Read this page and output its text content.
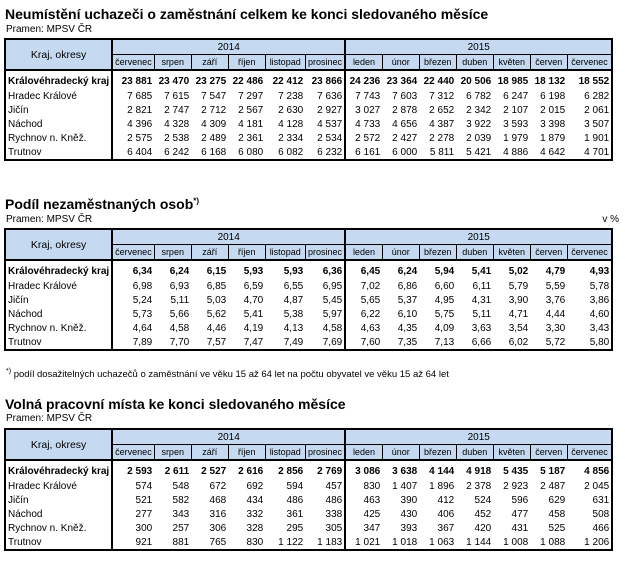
Neumístění uchazeči o zaměstnání celkem ke konci sledovaného měsíce
Pramen: MPSV ČR
Kraj, okresy	2014						2015						
	červenec	srpen	září	říjen	listopad	prosinec	leden	únor	březen	duben	květen	červen	červenec
Královéhradecký kraj	23 881	23 470	23 275	22 486	22 412	23 866	24 236	23 364	22 440	20 506	18 985	18 132	18 552
Hradec Králové	7 685	7 615	7 547	7 297	7 238	7 636	7 743	7 603	7 312	6 782	6 247	6 198	6 282
Jičín	2 821	2 747	2 712	2 567	2 630	2 927	3 027	2 878	2 652	2 342	2 107	2 015	2 061
Náchod	4 396	4 328	4 309	4 181	4 128	4 537	4 733	4 656	4 387	3 922	3 593	3 398	3 507
Rychnov n. Kněž.	2 575	2 538	2 489	2 361	2 334	2 534	2 572	2 427	2 278	2 039	1 979	1 879	1 901
Trutnov	6 404	6 242	6 168	6 080	6 082	6 232	6 161	6 000	5 811	5 421	4 886	4 642	4 701
Podíl nezaměstnaných osob*)
Pramen: MPSV ČR	v %
Kraj, okresy	2014						2015						
	červenec	srpen	září	říjen	listopad	prosinec	leden	únor	březen	duben	květen	červen	červenec
Královéhradecký kraj	6,34	6,24	6,15	5,93	5,93	6,36	6,45	6,24	5,94	5,41	5,02	4,79	4,93
Hradec Králové	6,98	6,93	6,85	6,59	6,55	6,95	7,02	6,86	6,60	6,11	5,79	5,59	5,78
Jičín	5,24	5,11	5,03	4,70	4,87	5,45	5,65	5,37	4,95	4,31	3,90	3,76	3,86
Náchod	5,73	5,66	5,62	5,41	5,38	5,97	6,22	6,10	5,75	5,11	4,71	4,44	4,60
Rychnov n. Kněž.	4,64	4,58	4,46	4,19	4,13	4,58	4,63	4,35	4,09	3,63	3,54	3,30	3,43
Trutnov	7,89	7,70	7,57	7,47	7,49	7,69	7,60	7,35	7,13	6,66	6,02	5,72	5,80
*) podíl dosažitelných uchazečů o zaměstnání ve věku 15 až 64 let na počtu obyvatel ve věku 15 až 64 let
Volná pracovní místa ke konci sledovaného měsíce
Pramen: MPSV ČR
Kraj, okresy	2014						2015						
	červenec	srpen	září	říjen	listopad	prosinec	leden	únor	březen	duben	květen	červen	červenec
Královéhradecký kraj	2 593	2 611	2 527	2 616	2 856	2 769	3 086	3 638	4 144	4 918	5 435	5 187	4 856
Hradec Králové	574	548	672	692	594	457	830	1 407	1 896	2 378	2 923	2 487	2 045
Jičín	521	582	468	434	486	486	463	390	412	524	596	629	631
Náchod	277	343	316	332	361	338	425	430	406	452	477	458	508
Rychnov n. Kněž.	300	257	306	328	295	305	347	393	367	420	431	525	466
Trutnov	921	881	765	830	1 122	1 183	1 021	1 018	1 063	1 144	1 008	1 088	1 206
